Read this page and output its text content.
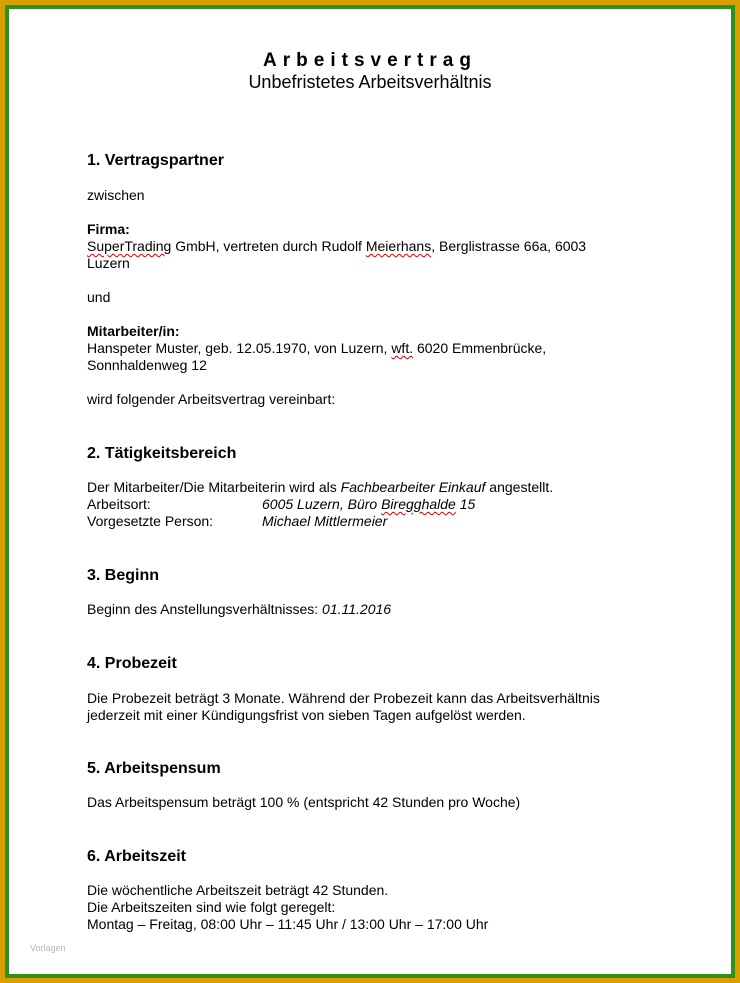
Arbeitsvertrag
Unbefristetes Arbeitsverhältnis
1. Vertragspartner
zwischen
Firma:
SuperTrading GmbH, vertreten durch Rudolf Meierhans, Berglistrasse 66a, 6003
Luzern
und
Mitarbeiter/in:
Hanspeter Muster, geb. 12.05.1970, von Luzern, wft. 6020 Emmenbrücke,
Sonnhaldenweg 12
wird folgender Arbeitsvertrag vereinbart:
2. Tätigkeitsbereich
Der Mitarbeiter/Die Mitarbeiterin wird als Fachbearbeiter Einkauf angestellt.
Arbeitsort:	6005 Luzern, Büro Biregghalde 15
Vorgesetzte Person:	Michael Mittlermeier
3. Beginn
Beginn des Anstellungsverhältnisses: 01.11.2016
4. Probezeit
Die Probezeit beträgt 3 Monate. Während der Probezeit kann das Arbeitsverhältnis
jederzeit mit einer Kündigungsfrist von sieben Tagen aufgelöst werden.
5. Arbeitspensum
Das Arbeitspensum beträgt 100 % (entspricht 42 Stunden pro Woche)
6. Arbeitszeit
Die wöchentliche Arbeitszeit beträgt 42 Stunden.
Die Arbeitszeiten sind wie folgt geregelt:
Montag – Freitag, 08:00 Uhr – 11:45 Uhr / 13:00 Uhr – 17:00 Uhr
Vorlagen
